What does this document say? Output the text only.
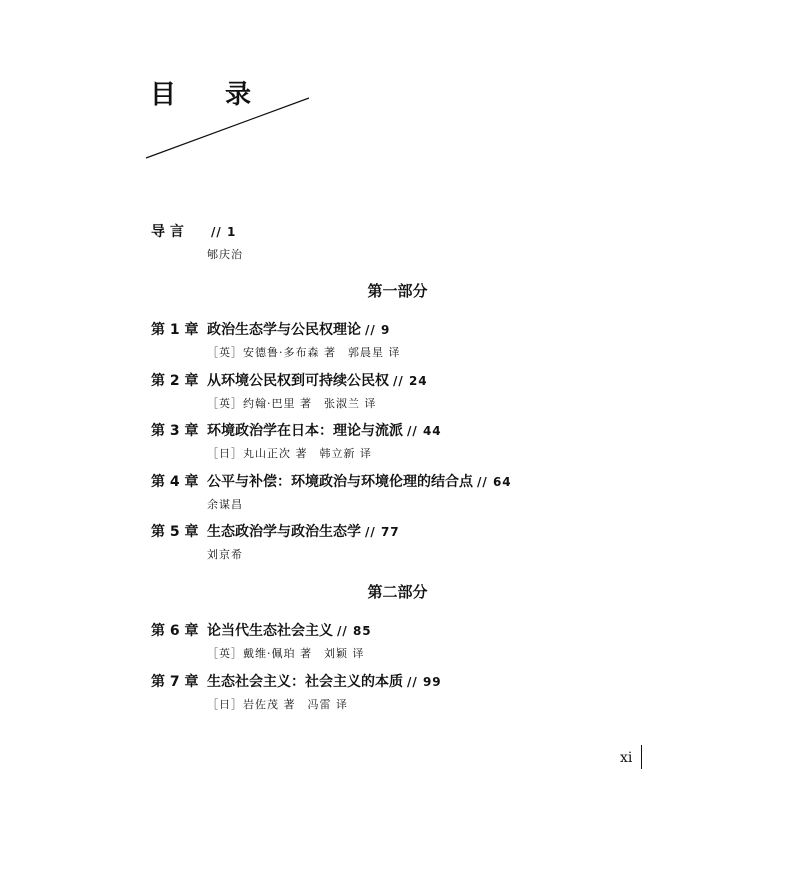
目 录
导 言 // 1
郇庆治
第一部分
第 1 章 政治生态学与公民权理论 // 9
［英］安德鲁·多布森 著　郭晨星 译
第 2 章 从环境公民权到可持续公民权 // 24
［英］约翰·巴里 著　张淑兰 译
第 3 章 环境政治学在日本：理论与流派 // 44
［日］丸山正次 著　韩立新 译
第 4 章 公平与补偿：环境政治与环境伦理的结合点 // 64
余谋昌
第 5 章 生态政治学与政治生态学 // 77
刘京希
第二部分
第 6 章 论当代生态社会主义 // 85
［英］戴维·佩珀 著　刘颖 译
第 7 章 生态社会主义：社会主义的本质 // 99
［日］岩佐茂 著　冯雷 译
xi
